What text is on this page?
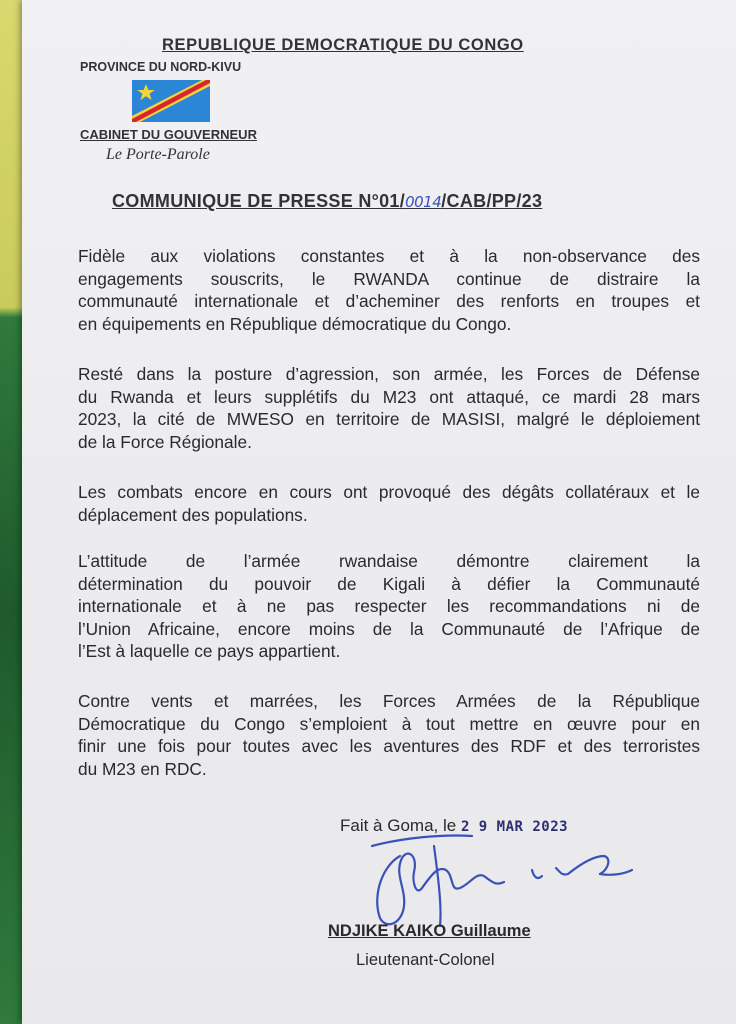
REPUBLIQUE DEMOCRATIQUE DU CONGO
PROVINCE DU NORD-KIVU
CABINET DU GOUVERNEUR
Le Porte-Parole
COMMUNIQUE DE PRESSE N°01/0014/CAB/PP/23
Fidèle aux violations constantes et à la non-observance des
engagements souscrits, le RWANDA continue de distraire la
communauté internationale et d’acheminer des renforts en troupes et
en équipements en République démocratique du Congo.
Resté dans la posture d’agression, son armée, les Forces de Défense
du Rwanda et leurs supplétifs du M23 ont attaqué, ce mardi 28 mars
2023, la cité de MWESO en territoire de MASISI, malgré le déploiement
de la Force Régionale.
Les combats encore en cours ont provoqué des dégâts collatéraux et le
déplacement des populations.
L’attitude de l’armée rwandaise démontre clairement la
détermination du pouvoir de Kigali à défier la Communauté
internationale et à ne pas respecter les recommandations ni de
l’Union Africaine, encore moins de la Communauté de l’Afrique de
l’Est à laquelle ce pays appartient.
Contre vents et marrées, les Forces Armées de la République
Démocratique du Congo s’emploient à tout mettre en œuvre pour en
finir une fois pour toutes avec les aventures des RDF et des terroristes
du M23 en RDC.
Fait à Goma, le 2 9 MAR 2023
NDJIKE KAIKO Guillaume
Lieutenant-Colonel
